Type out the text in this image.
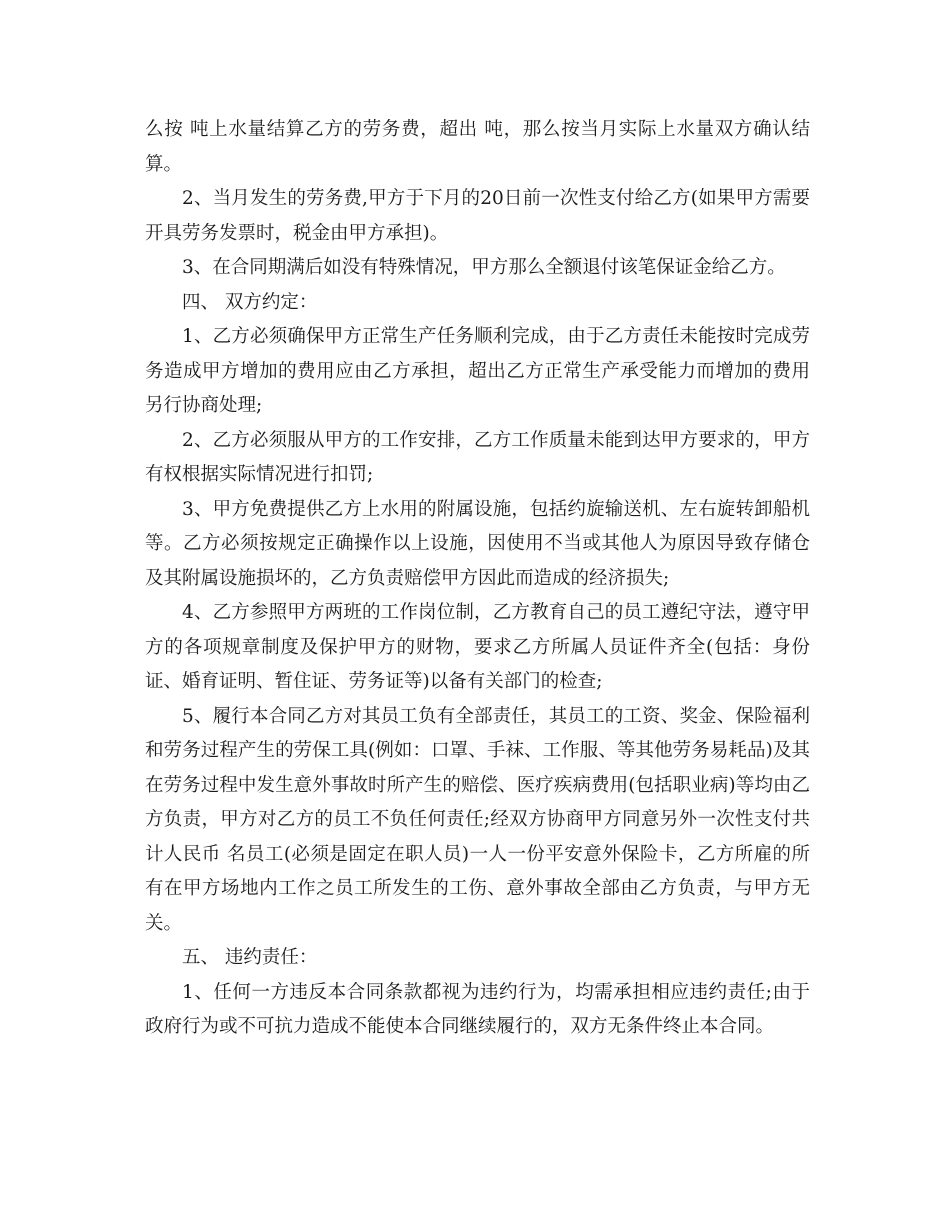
么按 吨上水量结算乙方的劳务费，超出 吨，那么按当月实际上水量双方确认结算。

2、当月发生的劳务费,甲方于下月的20日前一次性支付给乙方(如果甲方需要开具劳务发票时，税金由甲方承担)。

3、在合同期满后如没有特殊情况，甲方那么全额退付该笔保证金给乙方。

四、 双方约定：

1、乙方必须确保甲方正常生产任务顺利完成，由于乙方责任未能按时完成劳务造成甲方增加的费用应由乙方承担，超出乙方正常生产承受能力而增加的费用另行协商处理;

2、乙方必须服从甲方的工作安排，乙方工作质量未能到达甲方要求的，甲方有权根据实际情况进行扣罚;

3、甲方免费提供乙方上水用的附属设施，包括约旋输送机、左右旋转卸船机等。乙方必须按规定正确操作以上设施，因使用不当或其他人为原因导致存储仓及其附属设施损坏的，乙方负责赔偿甲方因此而造成的经济损失;

4、乙方参照甲方两班的工作岗位制，乙方教育自己的员工遵纪守法，遵守甲方的各项规章制度及保护甲方的财物，要求乙方所属人员证件齐全(包括：身份证、婚育证明、暂住证、劳务证等)以备有关部门的检查;

5、履行本合同乙方对其员工负有全部责任，其员工的工资、奖金、保险福利和劳务过程产生的劳保工具(例如：口罩、手袜、工作服、等其他劳务易耗品)及其在劳务过程中发生意外事故时所产生的赔偿、医疗疾病费用(包括职业病)等均由乙方负责，甲方对乙方的员工不负任何责任;经双方协商甲方同意另外一次性支付共计人民币 名员工(必须是固定在职人员)一人一份平安意外保险卡，乙方所雇的所有在甲方场地内工作之员工所发生的工伤、意外事故全部由乙方负责，与甲方无关。

五、 违约责任：

1、任何一方违反本合同条款都视为违约行为，均需承担相应违约责任;由于政府行为或不可抗力造成不能使本合同继续履行的，双方无条件终止本合同。
